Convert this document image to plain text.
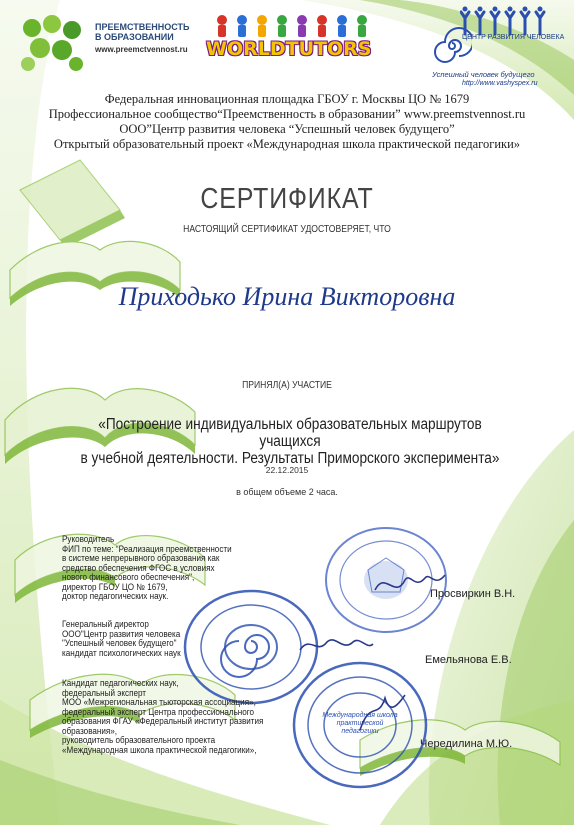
ПРЕЕМСТВЕННОСТЬ
В ОБРАЗОВАНИИ
www.preemctvennost.ru WORLDTUTORS
ЦЕНТР РАЗВИТИЯ ЧЕЛОВЕКА
Успешный человек будущего
http://www.vashyspex.ru
Федеральная инновационная площадка ГБОУ г. Москвы ЦО № 1679
Профессиональное сообщество“Преемственность в образовании” www.preemstvennost.ru
ООО”Центр развития человека “Успешный человек будущего”
Открытый образовательный проект «Международная школа практической педагогики»
СЕРТИФИКАТ
НАСТОЯЩИЙ СЕРТИФИКАТ УДОСТОВЕРЯЕТ, ЧТО
Приходько Ирина Викторовна
ПРИНЯЛ(А) УЧАСТИЕ
«Построение индивидуальных образовательных маршрутов учащихся
в учебной деятельности. Результаты Приморского эксперимента»
22.12.2015
в общем объеме 2 часа.
Международная школа практической педагогики
Руководитель
ФИП по теме: “Реализация преемственности
в системе непрерывного образования как
средство обеспечения ФГОС в условиях
нового финансового обеспечения",
директор ГБОУ ЦО № 1679,
доктор педагогических наук.	Просвиркин В.Н.
Генеральный директор
ООО"Центр развития человека
"Успешный человек будущего"
кандидат психологических наук
Емельянова Е.В.
Кандидат педагогических наук,
федеральный эксперт
МОО «Межрегиональная тьюторская ассоциация»,
федеральный эксперт Центра профессионального
образования ФГАУ «Федеральный институт развития
образования»,
руководитель образовательного проекта
«Международная школа практической педагогики»,	Чередилина М.Ю.
